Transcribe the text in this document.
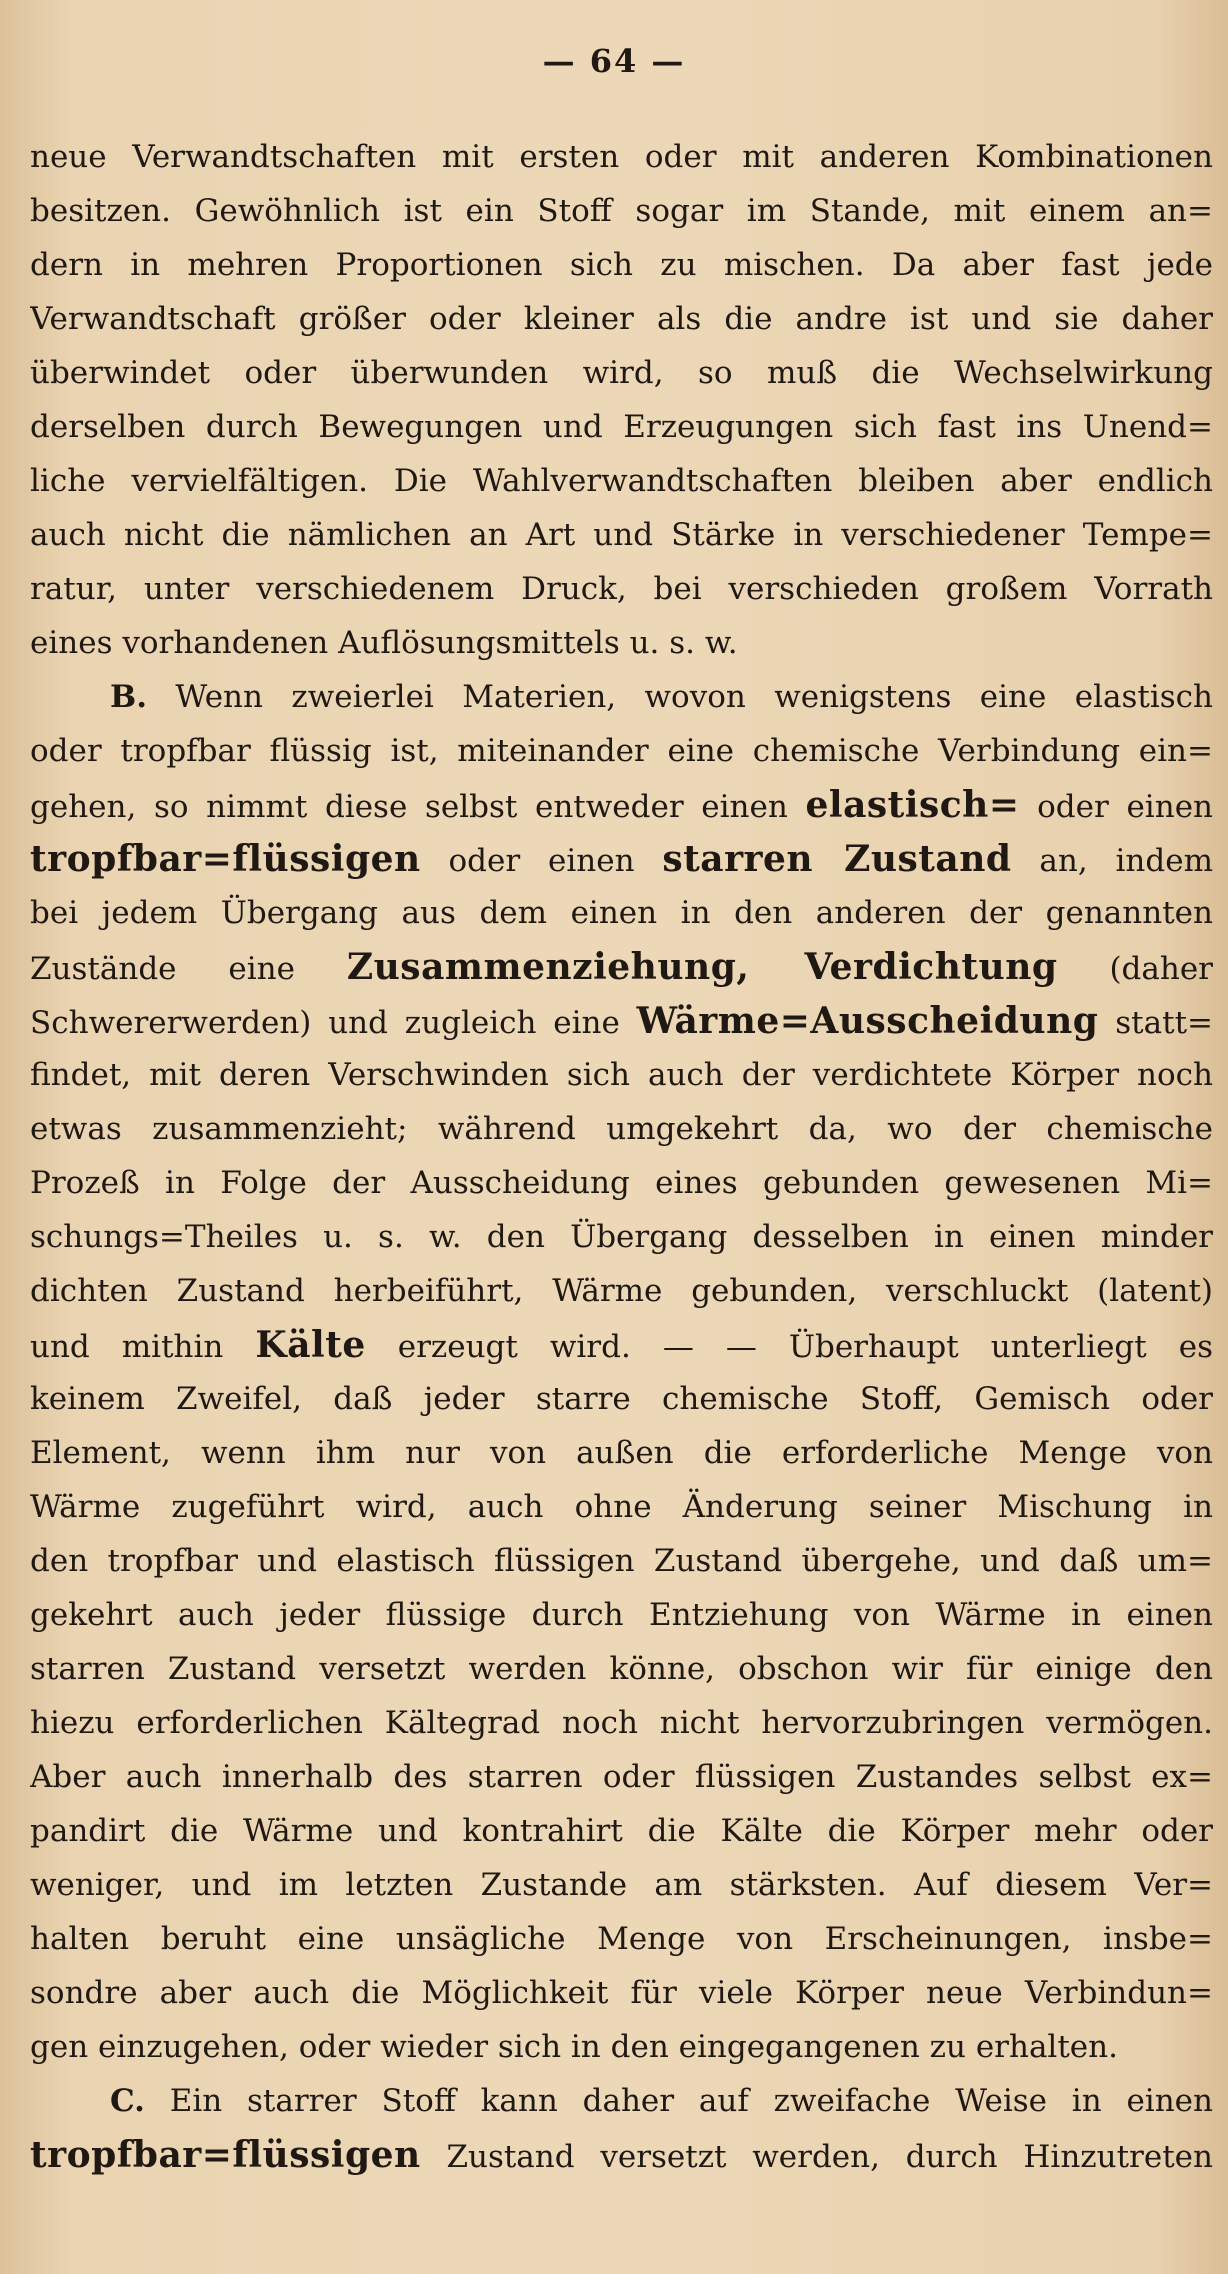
— 64 —
neue Verwandtschaften mit ersten oder mit anderen Kombinationen
besitzen. Gewöhnlich ist ein Stoff sogar im Stande, mit einem an=
dern in mehren Proportionen sich zu mischen. Da aber fast jede
Verwandtschaft größer oder kleiner als die andre ist und sie daher
überwindet oder überwunden wird, so muß die Wechselwirkung
derselben durch Bewegungen und Erzeugungen sich fast ins Unend=
liche vervielfältigen. Die Wahlverwandtschaften bleiben aber endlich
auch nicht die nämlichen an Art und Stärke in verschiedener Tempe=
ratur, unter verschiedenem Druck, bei verschieden großem Vorrath
eines vorhandenen Auflösungsmittels u. s. w.
B. Wenn zweierlei Materien, wovon wenigstens eine elastisch
oder tropfbar flüssig ist, miteinander eine chemische Verbindung ein=
gehen, so nimmt diese selbst entweder einen elastisch= oder einen
tropfbar=flüssigen oder einen starren Zustand an, indem
bei jedem Übergang aus dem einen in den anderen der genannten
Zustände eine Zusammenziehung, Verdichtung (daher
Schwererwerden) und zugleich eine Wärme=Ausscheidung statt=
findet, mit deren Verschwinden sich auch der verdichtete Körper noch
etwas zusammenzieht; während umgekehrt da, wo der chemische
Prozeß in Folge der Ausscheidung eines gebunden gewesenen Mi=
schungs=Theiles u. s. w. den Übergang desselben in einen minder
dichten Zustand herbeiführt, Wärme gebunden, verschluckt (latent)
und mithin Kälte erzeugt wird. — — Überhaupt unterliegt es
keinem Zweifel, daß jeder starre chemische Stoff, Gemisch oder
Element, wenn ihm nur von außen die erforderliche Menge von
Wärme zugeführt wird, auch ohne Änderung seiner Mischung in
den tropfbar und elastisch flüssigen Zustand übergehe, und daß um=
gekehrt auch jeder flüssige durch Entziehung von Wärme in einen
starren Zustand versetzt werden könne, obschon wir für einige den
hiezu erforderlichen Kältegrad noch nicht hervorzubringen vermögen.
Aber auch innerhalb des starren oder flüssigen Zustandes selbst ex=
pandirt die Wärme und kontrahirt die Kälte die Körper mehr oder
weniger, und im letzten Zustande am stärksten. Auf diesem Ver=
halten beruht eine unsägliche Menge von Erscheinungen, insbe=
sondre aber auch die Möglichkeit für viele Körper neue Verbindun=
gen einzugehen, oder wieder sich in den eingegangenen zu erhalten.
C. Ein starrer Stoff kann daher auf zweifache Weise in einen
tropfbar=flüssigen Zustand versetzt werden, durch Hinzutreten
